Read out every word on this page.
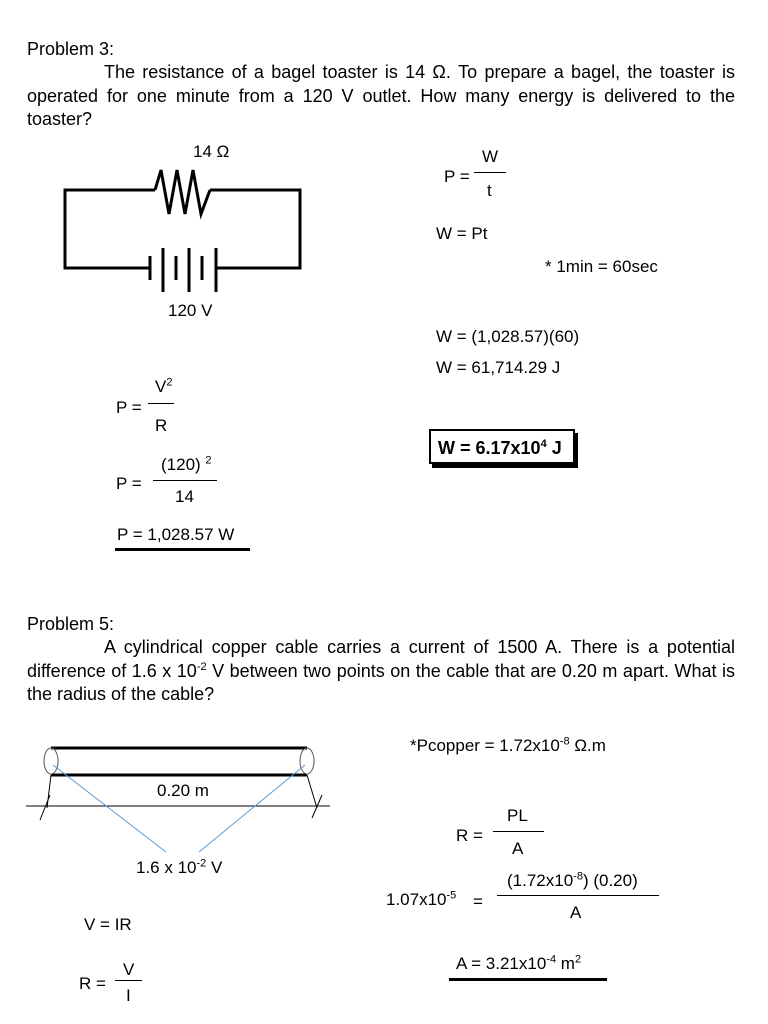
Problem 3:
The resistance of a bagel toaster is 14 Ω. To prepare a bagel, the toaster is operated for one minute from a 120 V outlet. How many energy is delivered to the toaster?
14 Ω
120 V
P =
$V^2$
R
P =
(120) $^2$
14
P = 1,028.57 W
P =
W
t
W = Pt
* 1min = 60sec
W = (1,028.57)(60)
W = 61,714.29 J
$W = 6.17x10^4$ J
Problem 5:
A cylindrical copper cable carries a current of 1500 A. There is a potential difference of 1.6 x $10^{-2}$ V between two points on the cable that are 0.20 m apart. What is the radius of the cable?
0.20 m
1.6 x $10^{-2}$ V
V = IR
R =
V
I
*Pcopper = $1.72x10^{-8}$ Ω.m
R =
PL
A
$1.07x10^{-5}$ =
$(1.72x10^{-8})$ (0.20)
A
$A = 3.21x10^{-4}$ $m^2$
